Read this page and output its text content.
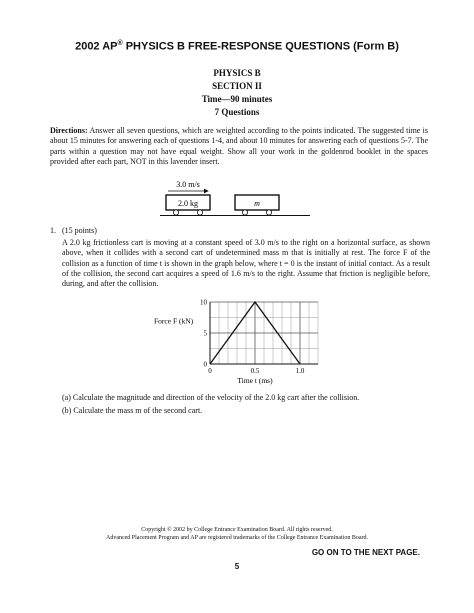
2002 AP® PHYSICS B FREE-RESPONSE QUESTIONS (Form B)
PHYSICS B
SECTION II
Time—90 minutes
7 Questions
Directions: Answer all seven questions, which are weighted according to the points indicated. The suggested time is about 15 minutes for answering each of questions 1-4, and about 10 minutes for answering each of questions 5-7. The parts within a question may not have equal weight. Show all your work in the goldenrod booklet in the spaces provided after each part, NOT in this lavender insert.
3.0 m/s
2.0 kg	m
1. (15 points)
A 2.0 kg frictionless cart is moving at a constant speed of 3.0 m/s to the right on a horizontal surface, as shown above, when it collides with a second cart of undetermined mass m that is initially at rest. The force F of the collision as a function of time t is shown in the graph below, where t = 0 is the instant of initial contact. As a result of the collision, the second cart acquires a speed of 1.6 m/s to the right. Assume that friction is negligible before, during, and after the collision.
0	0.5	1.0
0
5
10
Force F (kN)
Time t (ms)
(a) Calculate the magnitude and direction of the velocity of the 2.0 kg cart after the collision.
(b) Calculate the mass m of the second cart.
Copyright © 2002 by College Entrance Examination Board. All rights reserved.
Advanced Placement Program and AP are registered trademarks of the College Entrance Examination Board.
GO ON TO THE NEXT PAGE.
5
